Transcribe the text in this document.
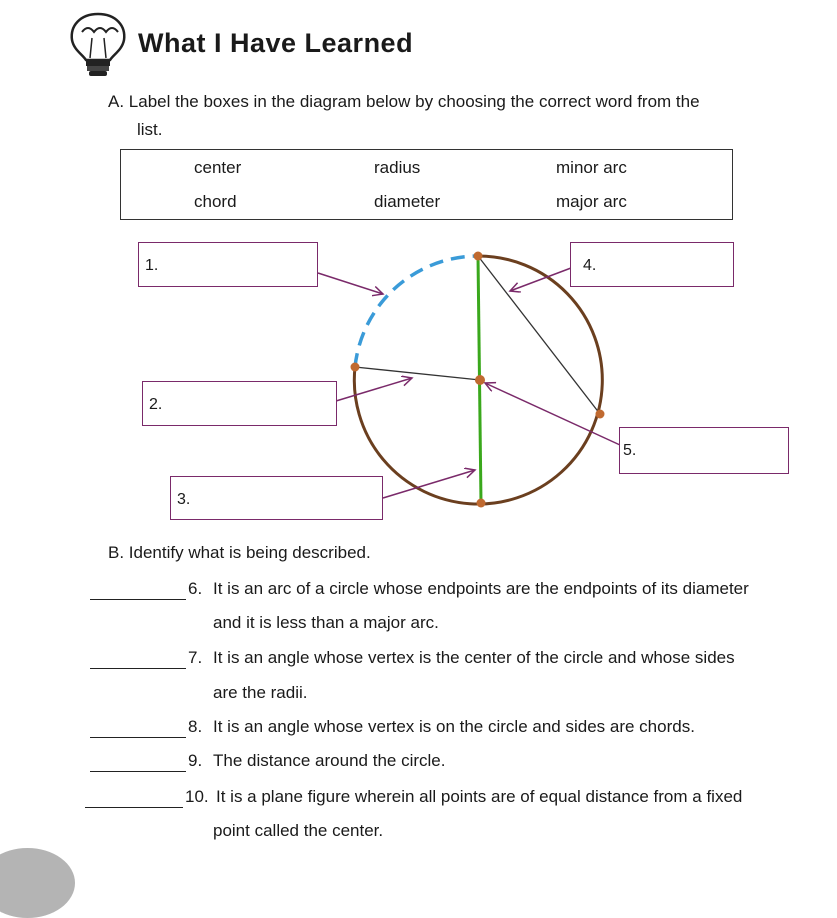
What I Have Learned
A. Label the boxes in the diagram below by choosing the correct word from the
list.
center	radius	minor arc
chord	diameter	major arc
1.
2.
3.
4.
5.
B. Identify what is being described.
6. It is an arc of a circle whose endpoints are the endpoints of its diameter
and it is less than a major arc.
7. It is an angle whose vertex is the center of the circle and whose sides
are the radii.
8. It is an angle whose vertex is on the circle and sides are chords.
9. The distance around the circle.
10. It is a plane figure wherein all points are of equal distance from a fixed
point called the center.
